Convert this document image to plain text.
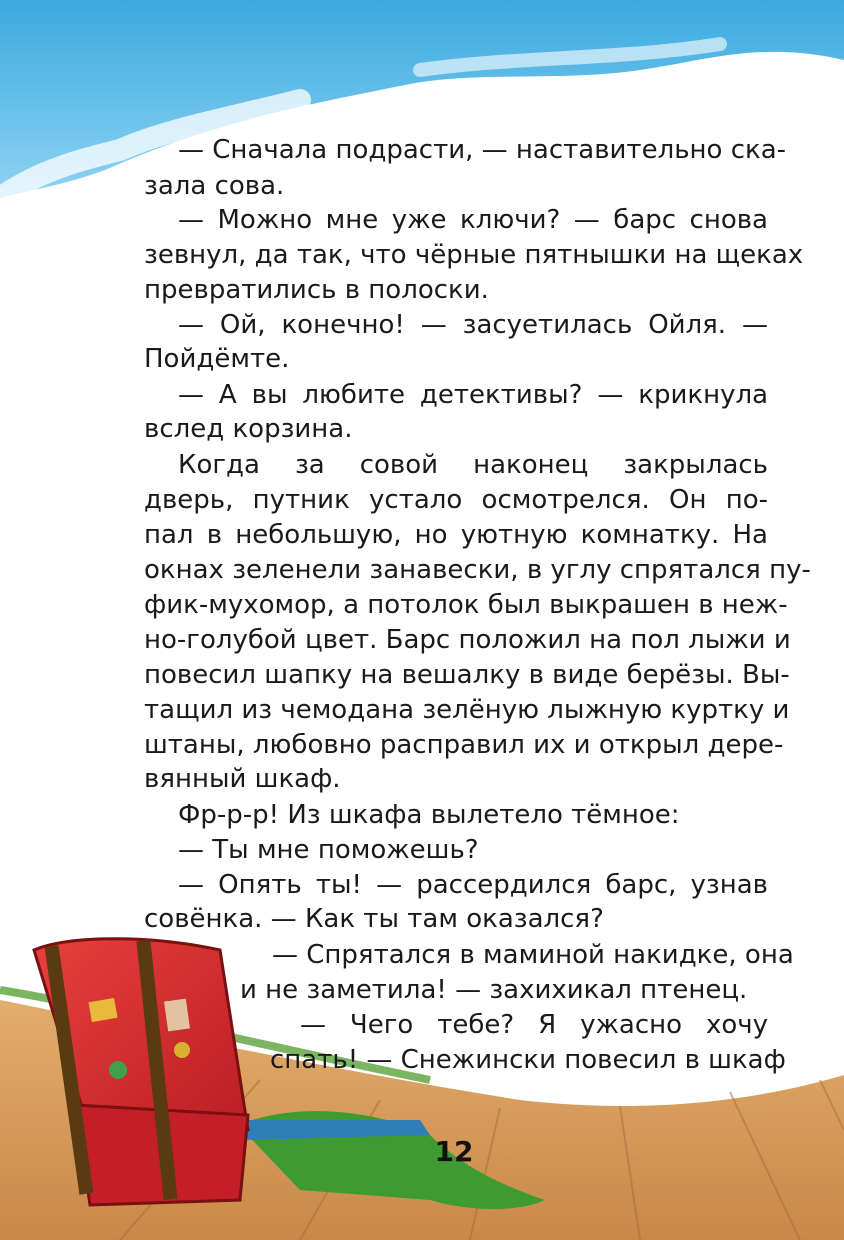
— Сначала подрасти, — наставительно ска-

зала сова.

— Можно мне уже ключи? — барс снова

зевнул, да так, что чёрные пятнышки на щеках

превратились в полоски.

— Ой, конечно! — засуетилась Ойля. —

Пойдёмте.

— А вы любите детективы? — крикнула

вслед корзина.

Когда за совой наконец закрылась

дверь, путник устало осмотрелся. Он по-

пал в небольшую, но уютную комнатку. На

окнах зеленели занавески, в углу спрятался пу-

фик-мухомор, а потолок был выкрашен в неж-

но-голубой цвет. Барс положил на пол лыжи и

повесил шапку на вешалку в виде берёзы. Вы-

тащил из чемодана зелёную лыжную куртку и

штаны, любовно расправил их и открыл дере-

вянный шкаф.

Фр-р-р! Из шкафа вылетело тёмное:

— Ты мне поможешь?

— Опять ты! — рассердился барс, узнав

совёнка. — Как ты там оказался?

— Спрятался в маминой накидке, она

и не заметила! — захихикал птенец.

— Чего тебе? Я ужасно хочу

спать! — Снежински повесил в шкаф

12
